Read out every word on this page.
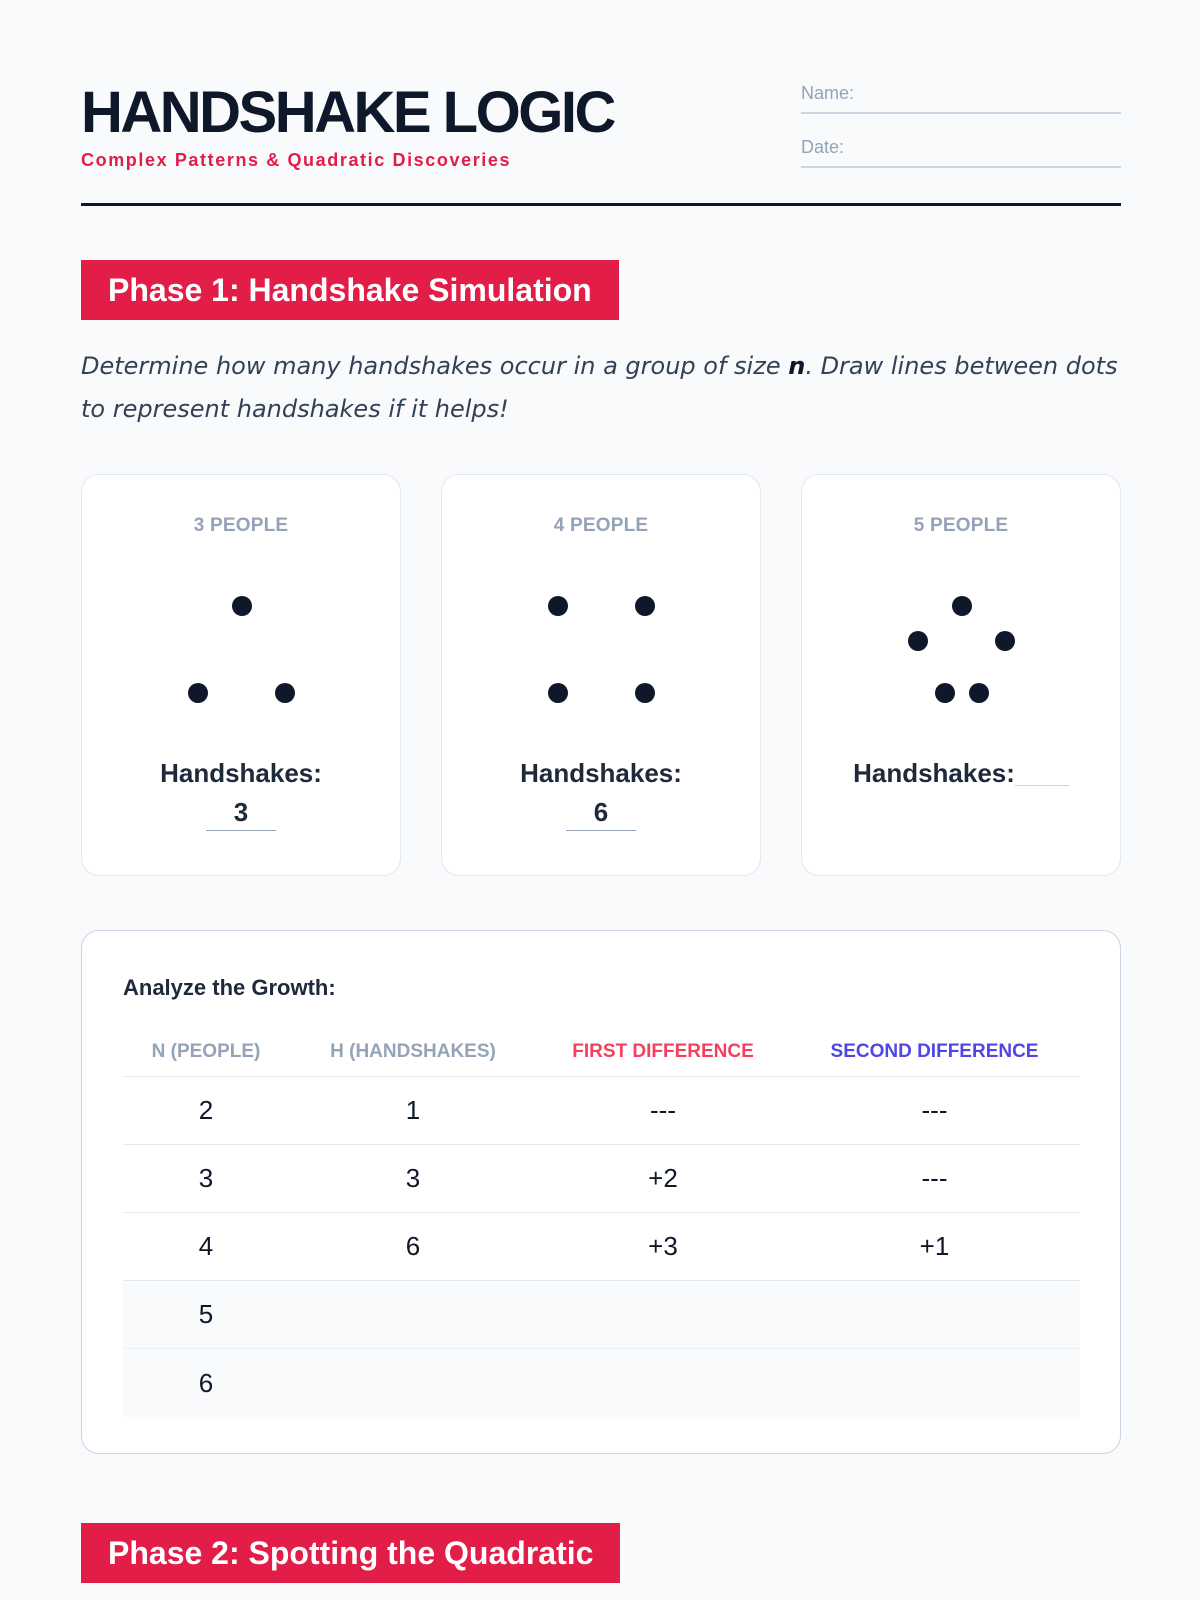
HANDSHAKE LOGIC
Complex Patterns & Quadratic Discoveries
Name:
Date:
Phase 1: Handshake Simulation

Determine how many handshakes occur in a group of size n. Draw lines between dots to represent handshakes if it helps!

3 PEOPLE
Handshakes:
3
4 PEOPLE
Handshakes:
6
5 PEOPLE
Handshakes:
Analyze the Growth:
N (PEOPLE)	H (HANDSHAKES)	FIRST DIFFERENCE	SECOND DIFFERENCE
2	1	---	---
3	3	+2	---
4	6	+3	+1
5
6
Phase 2: Spotting the Quadratic
